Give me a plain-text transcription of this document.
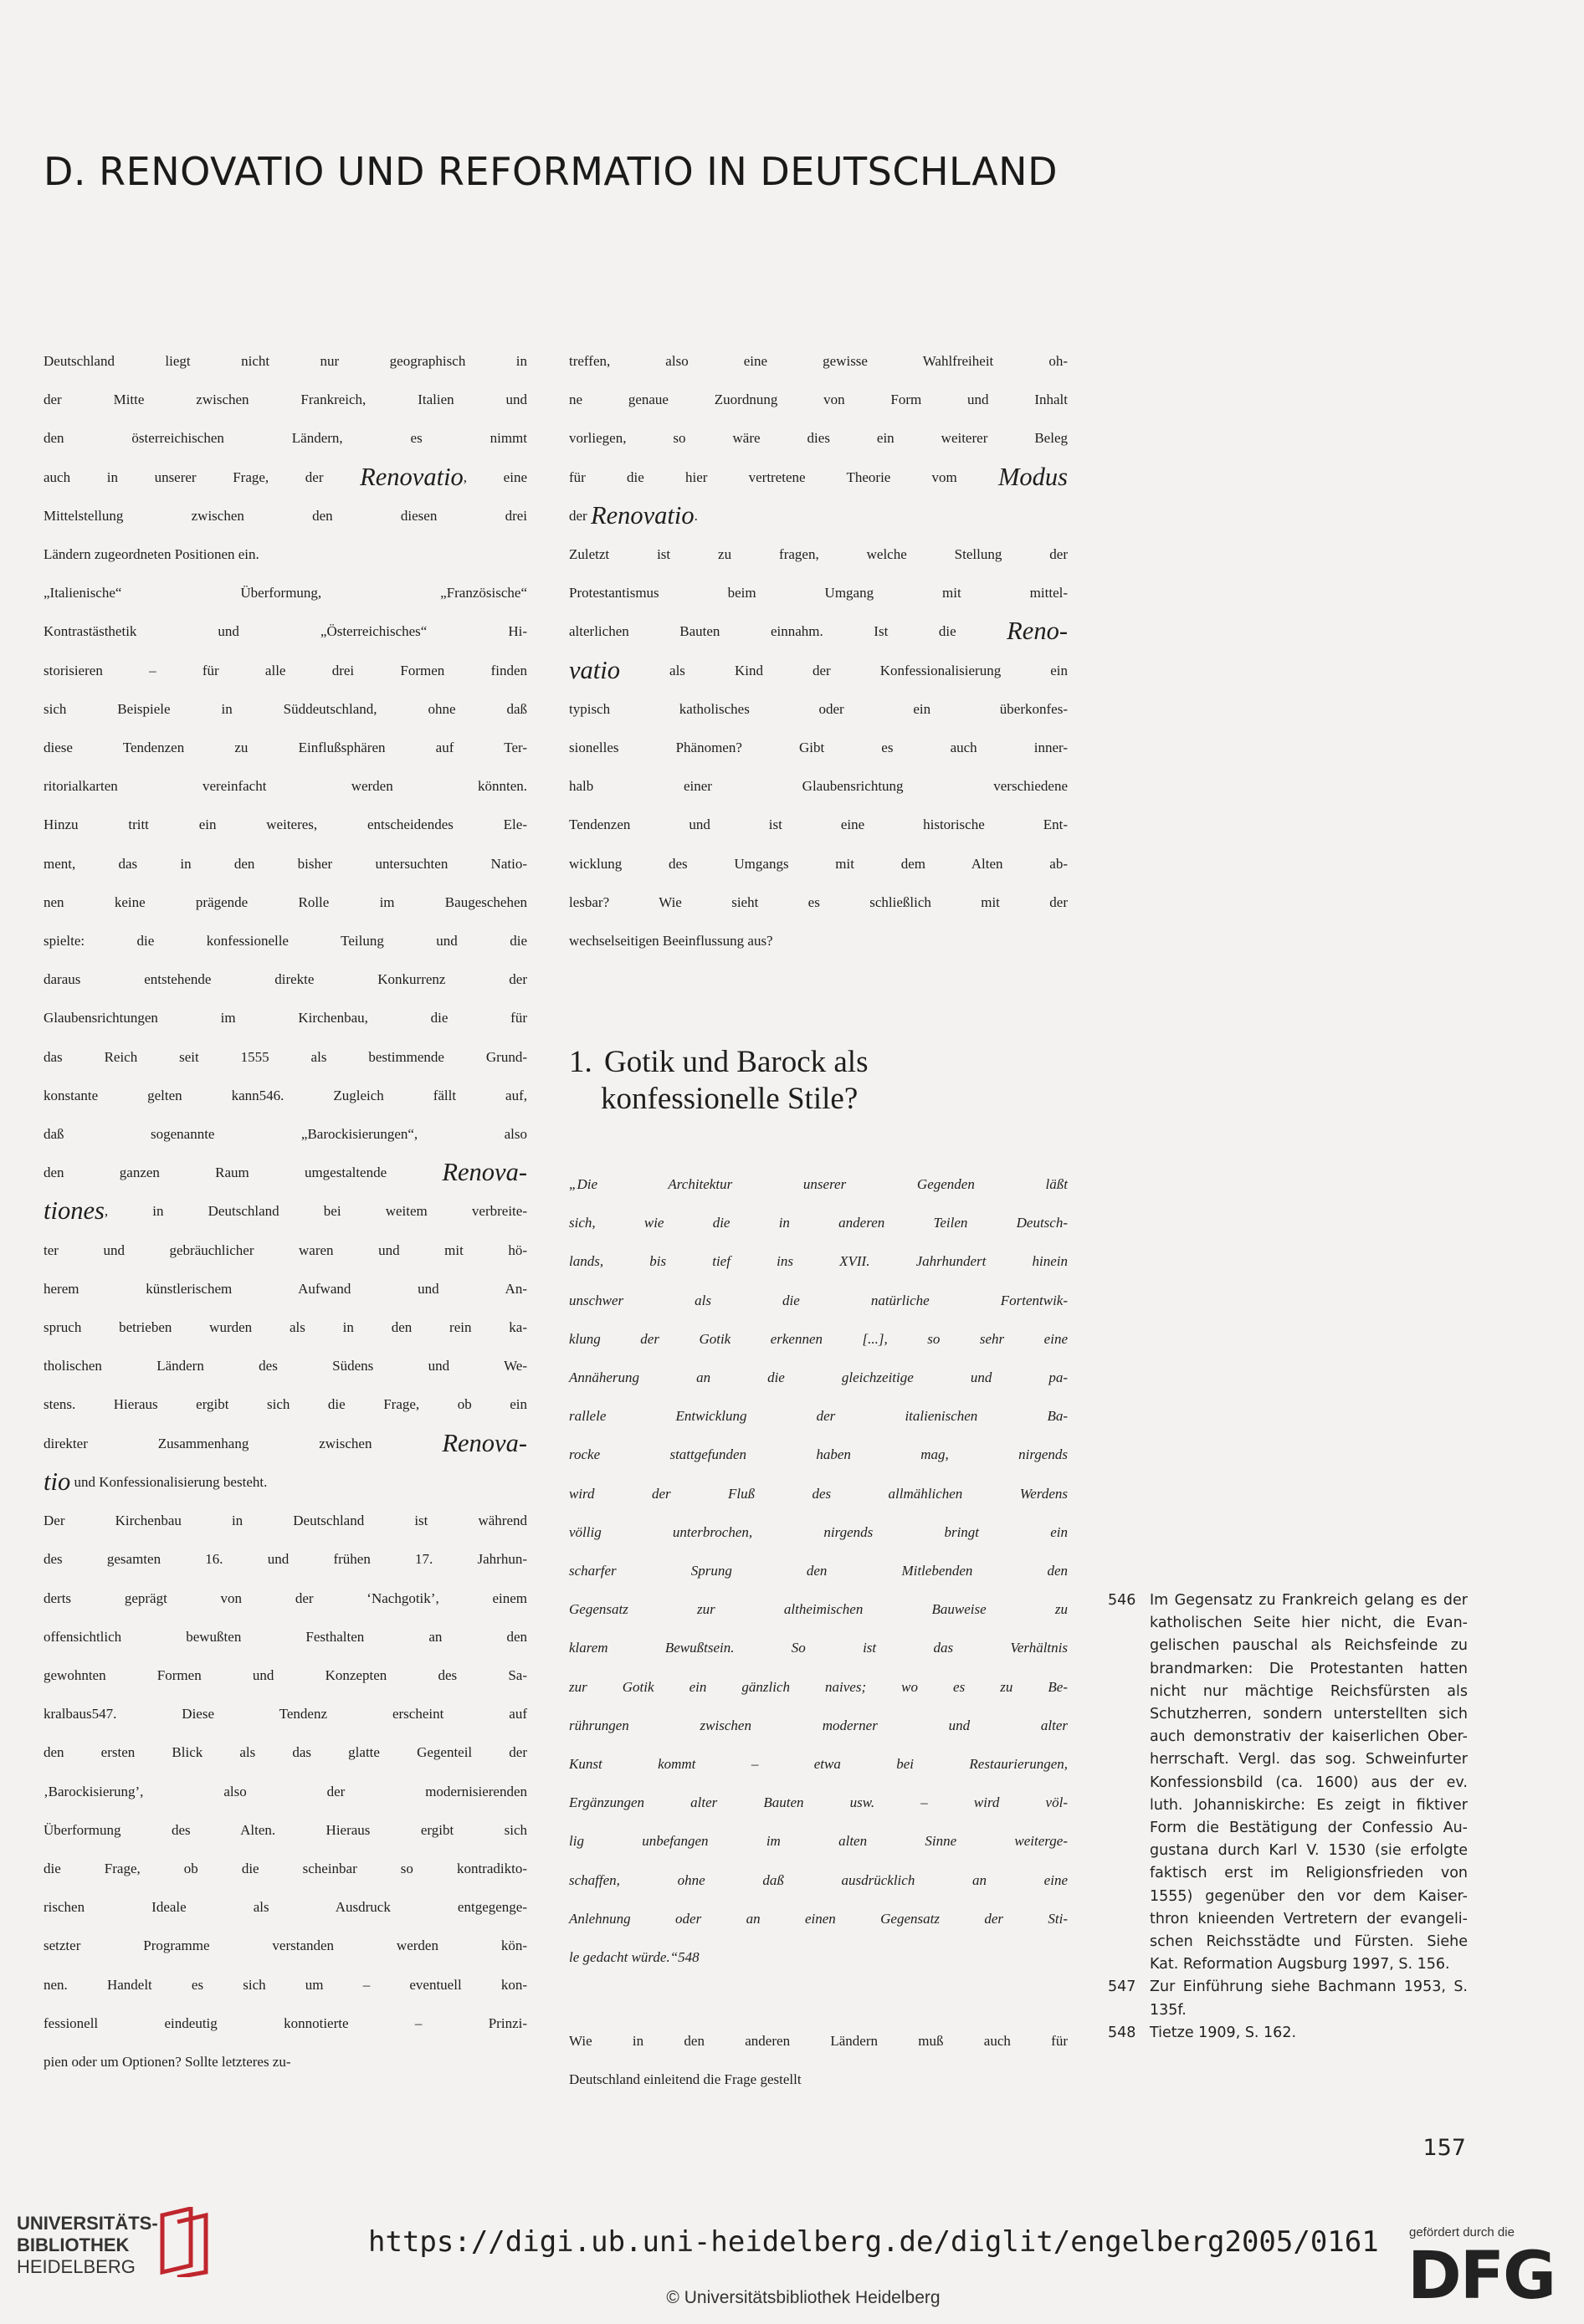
D. RENOVATIO UND REFORMATIO IN DEUTSCHLAND
$^{Deutschland liegt nicht nur geographisch in}$
$^{der Mitte zwischen Frankreich, Italien und}$
$^{den österreichischen Ländern, es nimmt}$
$^{auch in unserer Frage, der}$ Renovatio$^{, eine}$
$^{Mittelstellung zwischen den diesen drei}$
$^{Ländern zugeordneten Positionen ein.}$
$^{„Italienische“ Überformung, „Französische“}$
$^{Kontrastästhetik und „Österreichisches“ Hi-}$
$^{storisieren - für alle drei Formen finden}$
$^{sich Beispiele in Süddeutschland, ohne daß}$
$^{diese Tendenzen zu Einflußsphären auf Ter-}$
$^{ritorialkarten vereinfacht werden könnten.}$
$^{Hinzu tritt ein weiteres, entscheidendes Ele-}$
$^{ment, das in den bisher untersuchten Natio-}$
$^{nen keine prägende Rolle im Baugeschehen}$
$^{spielte: die konfessionelle Teilung und die}$
$^{daraus entstehende direkte Konkurrenz der}$
$^{Glaubensrichtungen im Kirchenbau, die für}$
$^{das Reich seit 1555 als bestimmende Grund-}$
$^{konstante gelten kann546. Zugleich fällt auf,}$
$^{daß sogenannte „Barockisierungen“, also}$
$^{den ganzen Raum umgestaltende}$ Renova-
tiones$^{, in Deutschland bei weitem verbreite-}$
$^{ter und gebräuchlicher waren und mit hö-}$
$^{herem künstlerischem Aufwand und An-}$
$^{spruch betrieben wurden als in den rein ka-}$
$^{tholischen Ländern des Südens und We-}$
$^{stens. Hieraus ergibt sich die Frage, ob ein}$
$^{direkter Zusammenhang zwischen}$ Renova-
tio $^{und Konfessionalisierung besteht.}$
$^{Der Kirchenbau in Deutschland ist während}$
$^{des gesamten 16. und frühen 17. Jahrhun-}$
$^{derts geprägt von der ‘Nachgotik’, einem}$
$^{offensichtlich bewußten Festhalten an den}$
$^{gewohnten Formen und Konzepten des Sa-}$
$^{kralbaus547. Diese Tendenz erscheint auf}$
$^{den ersten Blick als das glatte Gegenteil der}$
$^{‚Barockisierung’, also der modernisierenden}$
$^{Überformung des Alten. Hieraus ergibt sich}$
$^{die Frage, ob die scheinbar so kontradikto-}$
$^{rischen Ideale als Ausdruck entgegenge-}$
$^{setzter Programme verstanden werden kön-}$
$^{nen. Handelt es sich um - eventuell kon-}$
$^{fessionell eindeutig konnotierte - Prinzi-}$
$^{pien oder um Optionen? Sollte letzteres zu-}$
$^{treffen, also eine gewisse Wahlfreiheit oh-}$
$^{ne genaue Zuordnung von Form und Inhalt}$
$^{vorliegen, so wäre dies ein weiterer Beleg}$
$^{für die hier vertretene Theorie vom}$ Modus
$^{der}$ Renovatio.
$^{Zuletzt ist zu fragen, welche Stellung der}$
$^{Protestantismus beim Umgang mit mittel-}$
$^{alterlichen Bauten einnahm. Ist die}$ Reno-
vatio $^{als Kind der Konfessionalisierung ein}$
$^{typisch katholisches oder ein überkonfes-}$
$^{sionelles Phänomen? Gibt es auch inner-}$
$^{halb einer Glaubensrichtung verschiedene}$
$^{Tendenzen und ist eine historische Ent-}$
$^{wicklung des Umgangs mit dem Alten ab-}$
$^{lesbar? Wie sieht es schließlich mit der}$
$^{wechselseitigen Beeinflussung aus?}$
1. Gotik und Barock als
konfessionelle Stile?
$^{„Die Architektur unserer Gegenden läßt}$
$^{sich, wie die in anderen Teilen Deutsch-}$
$^{lands, bis tief ins XVII. Jahrhundert hinein}$
$^{unschwer als die natürliche Fortentwik-}$
$^{klung der Gotik erkennen [...], so sehr eine}$
$^{Annäherung an die gleichzeitige und pa-}$
$^{rallele Entwicklung der italienischen Ba-}$
$^{rocke stattgefunden haben mag, nirgends}$
$^{wird der Fluß des allmählichen Werdens}$
$^{völlig unterbrochen, nirgends bringt ein}$
$^{scharfer Sprung den Mitlebenden den}$
$^{Gegensatz zur altheimischen Bauweise zu}$
$^{klarem Bewußtsein. So ist das Verhältnis}$
$^{zur Gotik ein gänzlich naives; wo es zu Be-}$
$^{rührungen zwischen moderner und alter}$
$^{Kunst kommt - etwa bei Restaurierungen,}$
$^{Ergänzungen alter Bauten usw. - wird völ-}$
$^{lig unbefangen im alten Sinne weiterge-}$
$^{schaffen, ohne daß ausdrücklich an eine}$
$^{Anlehnung oder an einen Gegensatz der Sti-}$
$^{le gedacht würde.“548}$
$^{Wie in den anderen Ländern muß auch für}$
$^{Deutschland einleitend die Frage gestellt}$
546 Im Gegensatz zu Frankreich gelang es der
katholischen Seite hier nicht, die Evan-
gelischen pauschal als Reichsfeinde zu
brandmarken: Die Protestanten hatten
nicht nur mächtige Reichsfürsten als
Schutzherren, sondern unterstellten sich
auch demonstrativ der kaiserlichen Ober-
herrschaft. Vergl. das sog. Schweinfurter
Konfessionsbild (ca. 1600) aus der ev.
luth. Johanniskirche: Es zeigt in fiktiver
Form die Bestätigung der Confessio Au-
gustana durch Karl V. 1530 (sie erfolgte
faktisch erst im Religionsfrieden von
1555) gegenüber den vor dem Kaiser-
thron knieenden Vertretern der evangeli-
schen Reichsstädte und Fürsten. Siehe
Kat. Reformation Augsburg 1997, S. 156.
547 Zur Einführung siehe Bachmann 1953, S.
135f.
548 Tietze 1909, S. 162.
157
UNIVERSITÄTS-
BIBLIOTHEK
HEIDELBERG
https://digi.ub.uni-heidelberg.de/diglit/engelberg2005/0161
© Universitätsbibliothek Heidelberg
gefördert durch die
DFG
